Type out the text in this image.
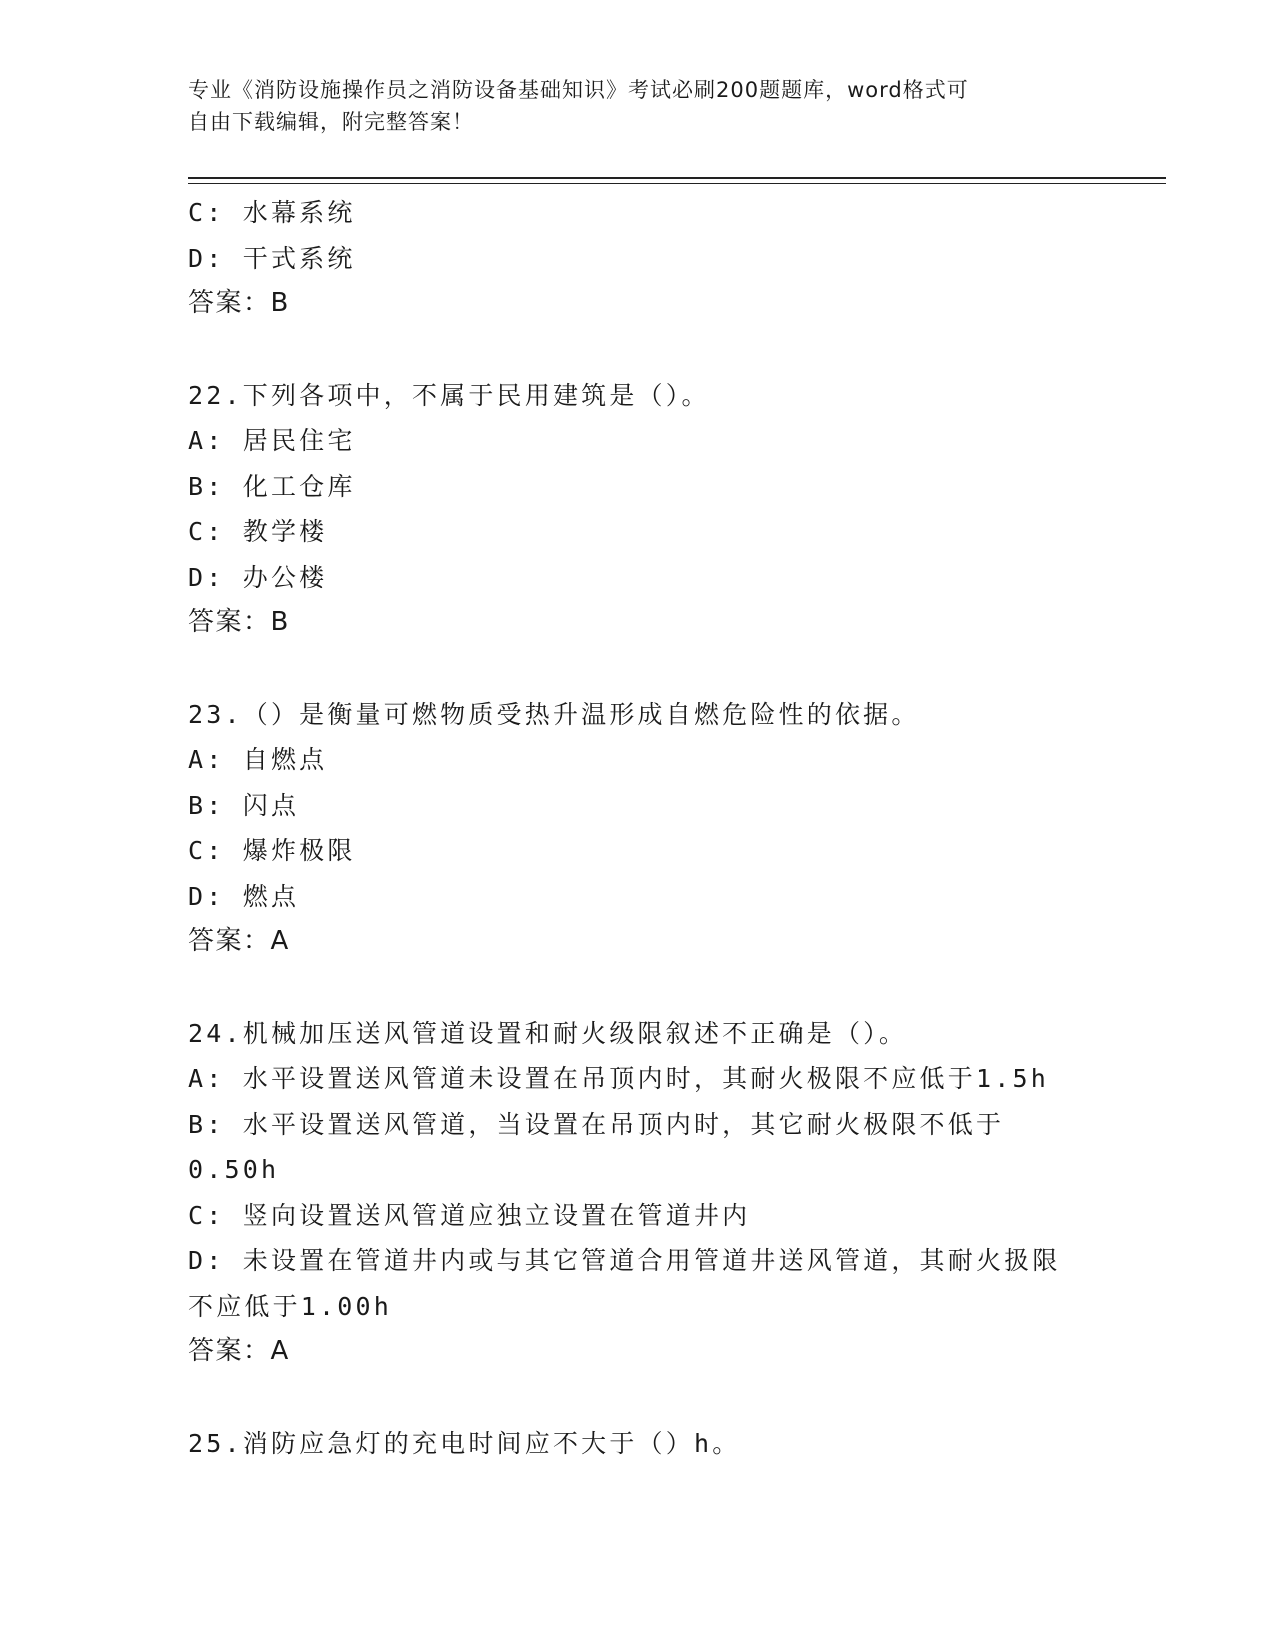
专业《消防设施操作员之消防设备基础知识》考试必刷200题题库，word格式可
自由下载编辑，附完整答案！
C: 水幕系统
D: 干式系统
答案：B
22.下列各项中，不属于民用建筑是（）。
A: 居民住宅
B: 化工仓库
C: 教学楼
D: 办公楼
答案：B
23.（）是衡量可燃物质受热升温形成自燃危险性的依据。
A: 自燃点
B: 闪点
C: 爆炸极限
D: 燃点
答案：A
24.机械加压送风管道设置和耐火级限叙述不正确是（）。
A: 水平设置送风管道未设置在吊顶内时，其耐火极限不应低于1.5h
B: 水平设置送风管道，当设置在吊顶内时，其它耐火极限不低于
0.50h
C: 竖向设置送风管道应独立设置在管道井内
D: 未设置在管道井内或与其它管道合用管道井送风管道，其耐火扱限
不应低于1.00h
答案：A
25.消防应急灯的充电时间应不大于（）h。
